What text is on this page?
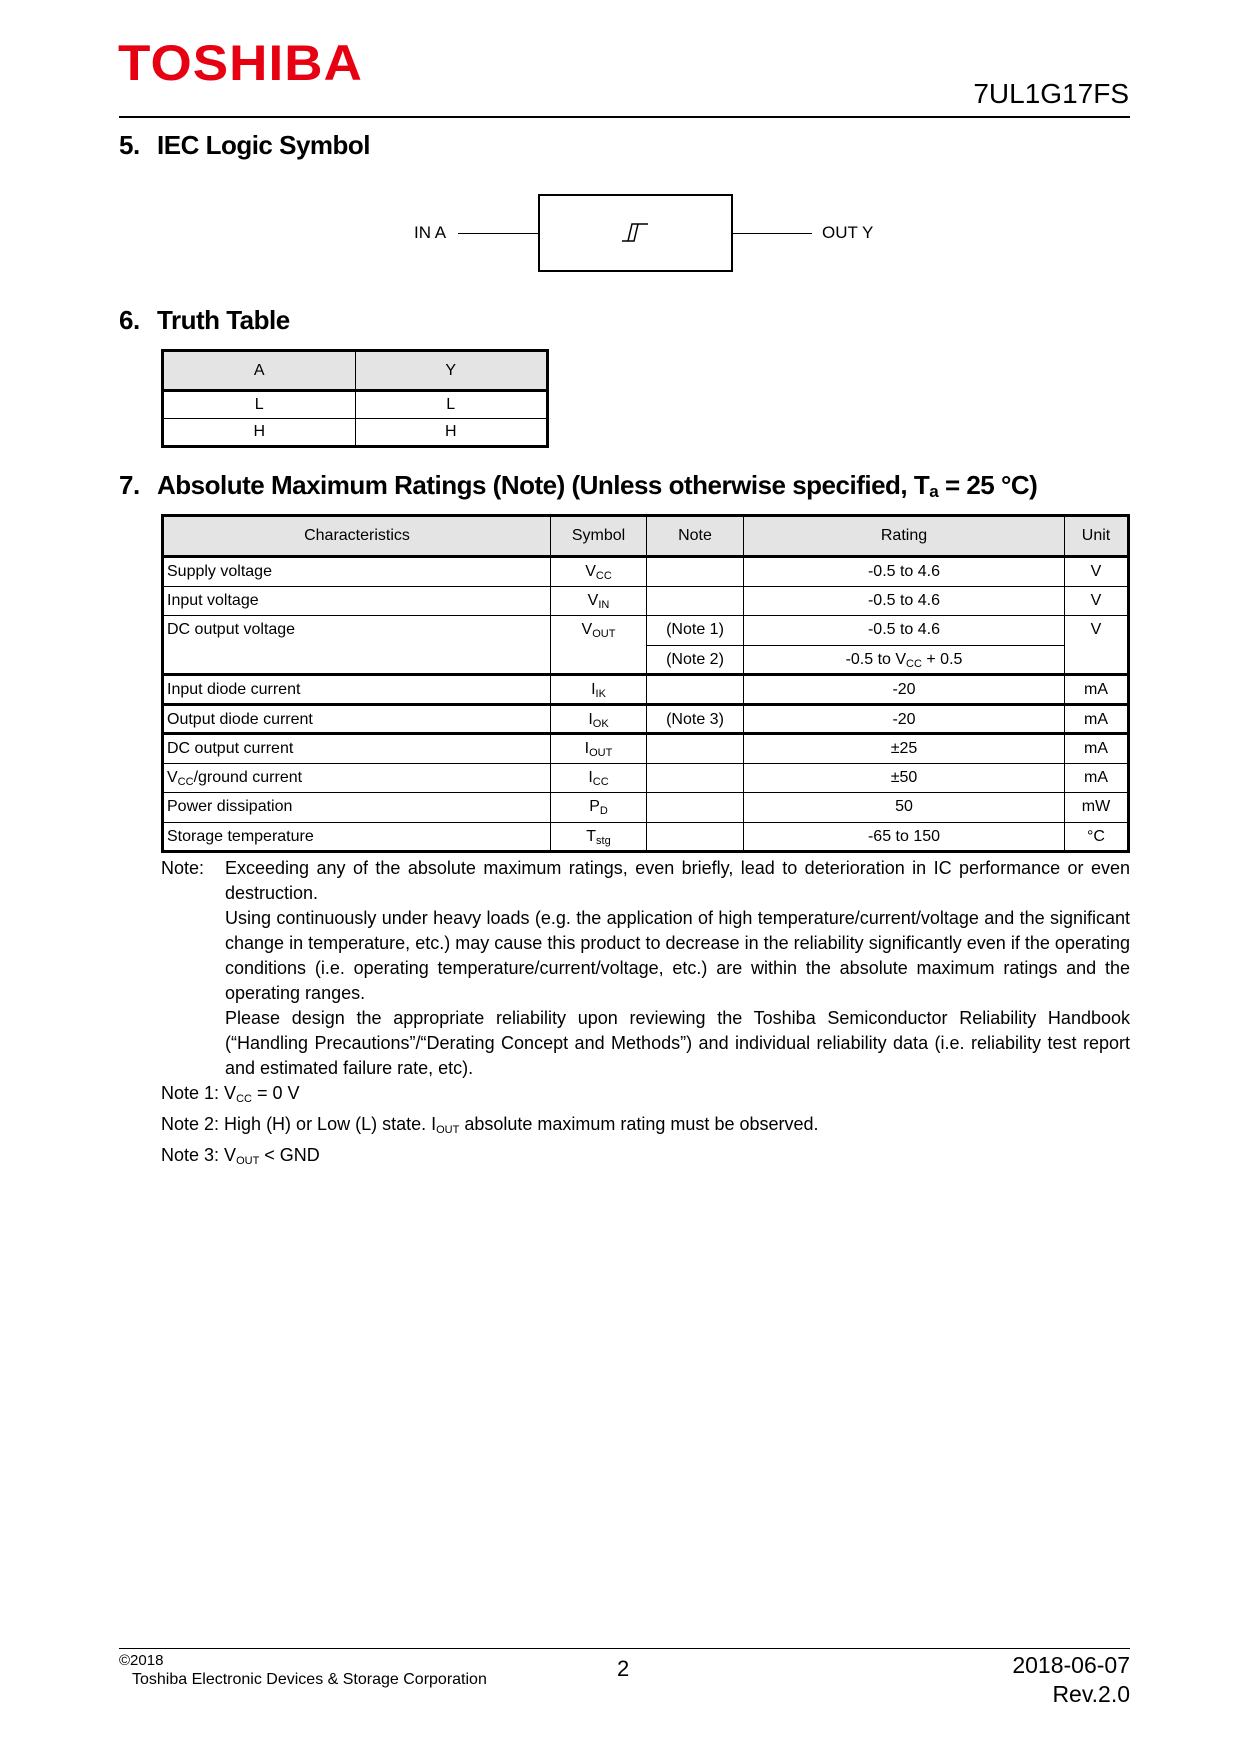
TOSHIBA
7UL1G17FS
5. IEC Logic Symbol
IN A	OUT Y
6. Truth Table
A	Y
L	L
H	H
7. Absolute Maximum Ratings (Note) (Unless otherwise specified, $T_a = 25$ °C)
Characteristics	Symbol	Note	Rating	Unit
Supply voltage	$V_{CC}$		-0.5 to 4.6	V
Input voltage	$V_{IN}$		-0.5 to 4.6	V
DC output voltage	$V_{OUT}$	(Note 1)	-0.5 to 4.6	V
		(Note 2)	-0.5 to $V_{CC} + 0.5$	
Input diode current	$I_{IK}$		-20	mA
Output diode current	$I_{OK}$	(Note 3)	-20	mA
DC output current	$I_{OUT}$		±25	mA
$V_{CC}$/ground current	$I_{CC}$		±50	mA
Power dissipation	$P_D$		50	mW
Storage temperature	$T_{stg}$		-65 to 150	°C
Note:	Exceeding any of the absolute maximum ratings, even briefly, lead to deterioration in IC performance or even destruction.
Using continuously under heavy loads (e.g. the application of high temperature/current/voltage and the significant change in temperature, etc.) may cause this product to decrease in the reliability significantly even if the operating conditions (i.e. operating temperature/current/voltage, etc.) are within the absolute maximum ratings and the operating ranges.
Please design the appropriate reliability upon reviewing the Toshiba Semiconductor Reliability Handbook (“Handling Precautions”/“Derating Concept and Methods”) and individual reliability data (i.e. reliability test report and estimated failure rate, etc).
Note 1: $V_{CC} = 0$ V
Note 2: High (H) or Low (L) state. $I_{OUT}$ absolute maximum rating must be observed.
Note 3: $V_{OUT}$ < GND
©2018
Toshiba Electronic Devices & Storage Corporation	2	2018-06-07
Rev.2.0
